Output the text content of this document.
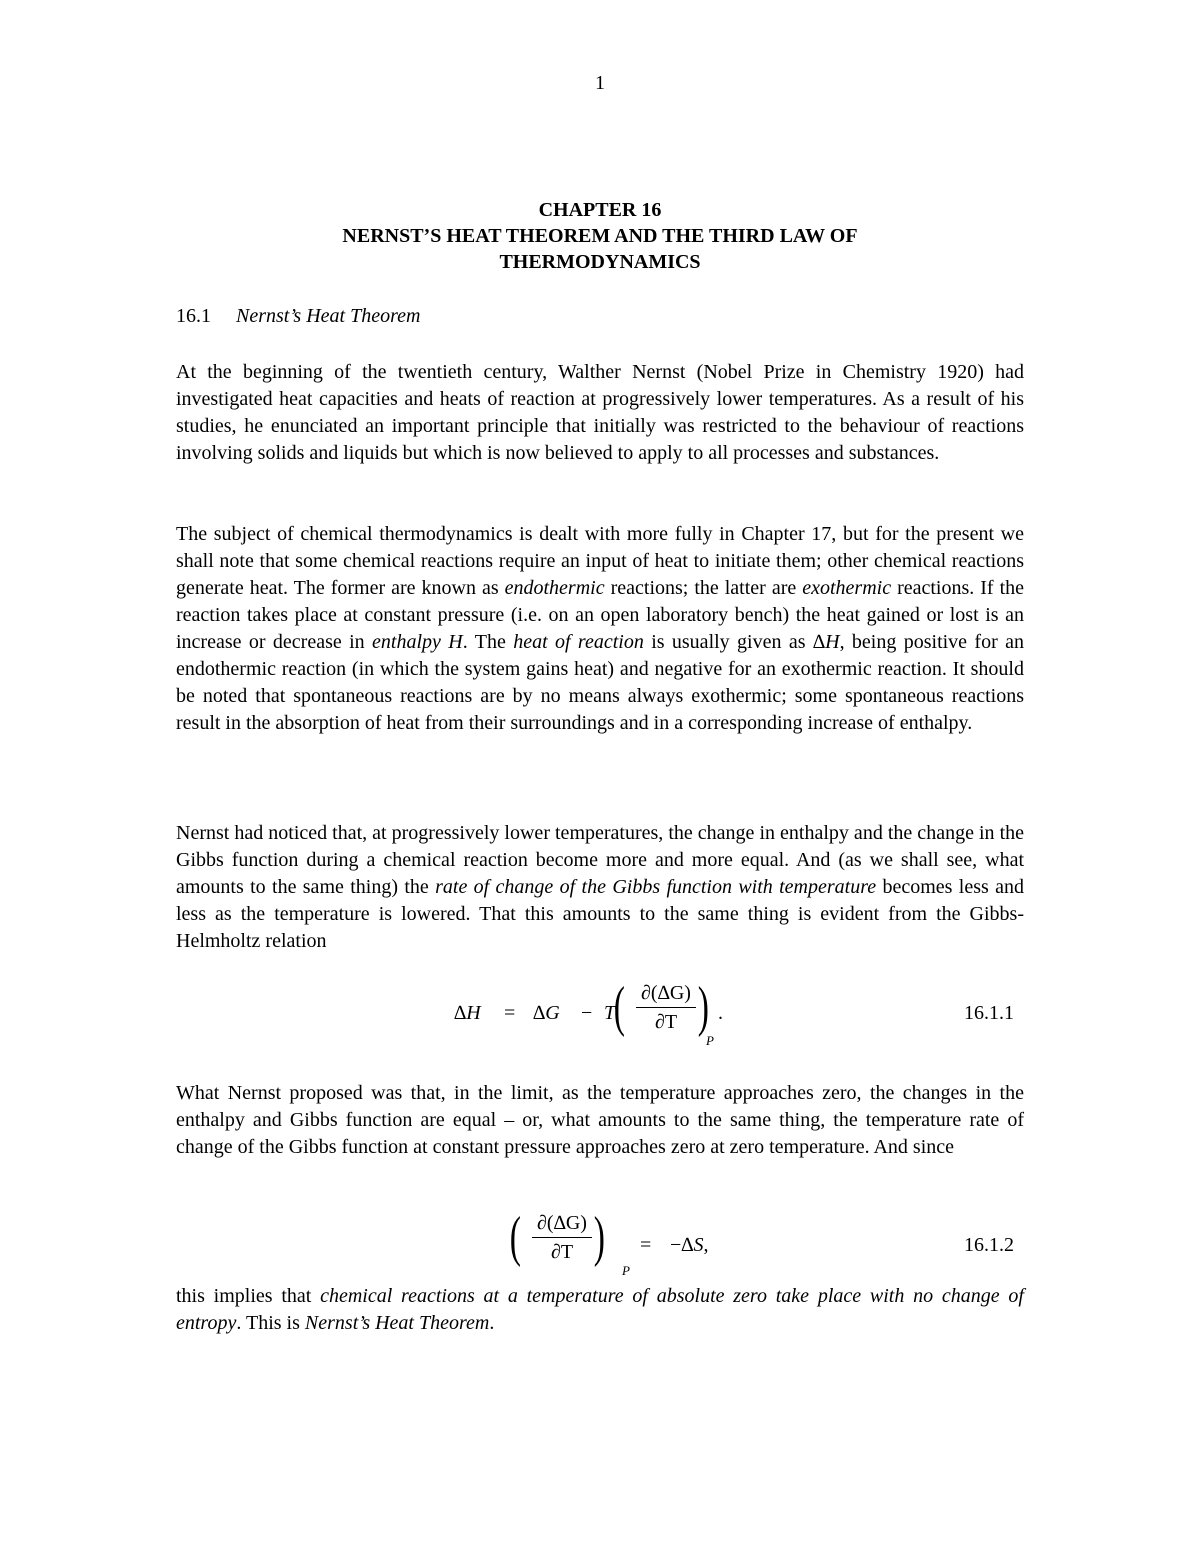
1
CHAPTER 16
NERNST’S HEAT THEOREM AND THE THIRD LAW OF
THERMODYNAMICS
16.1 Nernst’s Heat Theorem
At the beginning of the twentieth century, Walther Nernst (Nobel Prize in Chemistry 1920) had investigated heat capacities and heats of reaction at progressively lower temperatures. As a result of his studies, he enunciated an important principle that initially was restricted to the behaviour of reactions involving solids and liquids but which is now believed to apply to all processes and substances.
The subject of chemical thermodynamics is dealt with more fully in Chapter 17, but for the present we shall note that some chemical reactions require an input of heat to initiate them; other chemical reactions generate heat. The former are known as endothermic reactions; the latter are exothermic reactions. If the reaction takes place at constant pressure (i.e. on an open laboratory bench) the heat gained or lost is an increase or decrease in enthalpy H. The heat of reaction is usually given as ∆H, being positive for an endothermic reaction (in which the system gains heat) and negative for an exothermic reaction. It should be noted that spontaneous reactions are by no means always exothermic; some spontaneous reactions result in the absorption of heat from their surroundings and in a corresponding increase of enthalpy.
Nernst had noticed that, at progressively lower temperatures, the change in enthalpy and the change in the Gibbs function during a chemical reaction become more and more equal. And (as we shall see, what amounts to the same thing) the rate of change of the Gibbs function with temperature becomes less and less as the temperature is lowered. That this amounts to the same thing is evident from the Gibbs-Helmholtz relation
∆H = ∆G − T
( ∂(∆G)
∂T )
P
.	16.1.1
What Nernst proposed was that, in the limit, as the temperature approaches zero, the changes in the enthalpy and Gibbs function are equal – or, what amounts to the same thing, the temperature rate of change of the Gibbs function at constant pressure approaches zero at zero temperature. And since
( ∂(∆G)
∂T )
P
= −∆S,	16.1.2
this implies that chemical reactions at a temperature of absolute zero take place with no change of entropy. This is Nernst’s Heat Theorem.
